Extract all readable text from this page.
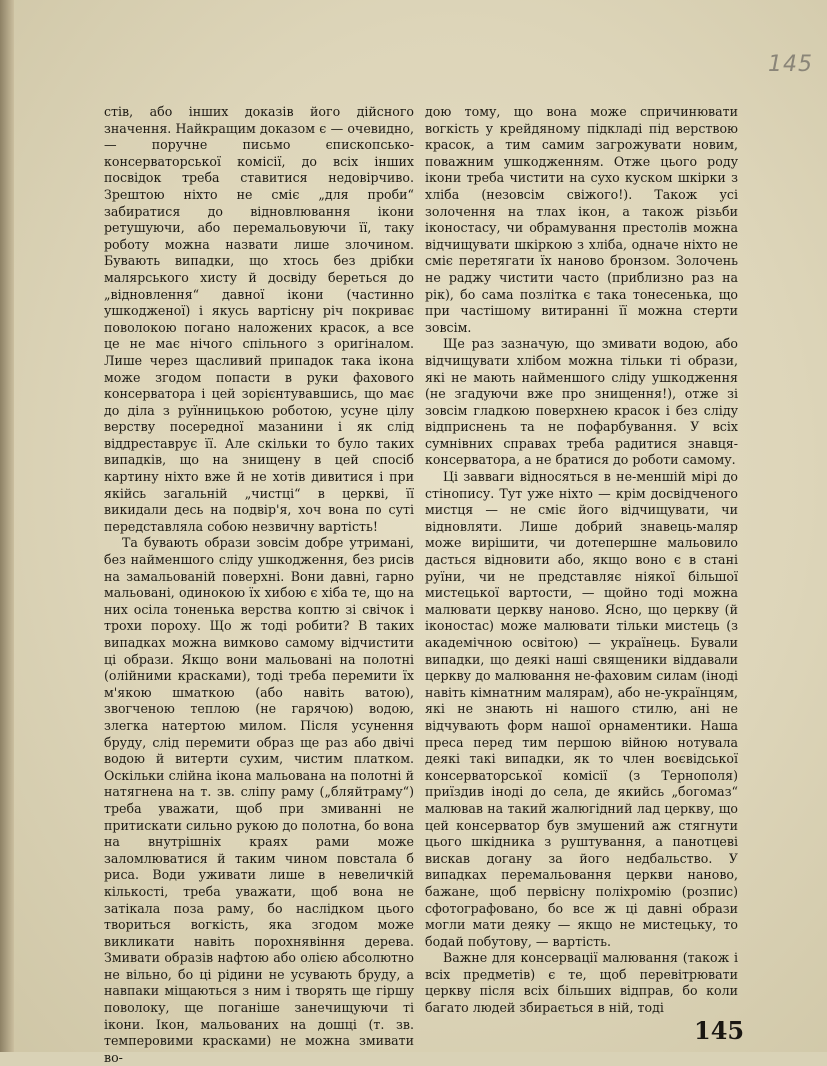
145

стів, або інших доказів його дійсного значення. Найкращим доказом є — очевидно, — поручне письмо єпископсько-консерваторської комісії, до всіх інших посвідок треба ставитися недовірчиво. Зрештою ніхто не сміє „для проби“ забиратися до відновлювання ікони ретушуючи, або перемальовуючи її, таку роботу можна назвати лише злочином. Бувають випадки, що хтось без дрібки малярського хисту й досвіду береться до „відновлення“ давної ікони (частинно ушкодженої) і якусь вартісну річ покриває поволокою погано наложених красок, а все це не має нічого спільного з оригіналом. Лише через щасливий припадок така ікона може згодом попасти в руки фахового консерватора і цей зорієнтувавшись, що має до діла з руїнницькою роботою, усуне цілу верству посередної мазанини і як слід віддреставрує її. Але скільки то було таких випадків, що на знищену в цей спосіб картину ніхто вже й не хотів дивитися і при якійсь загальній „чистці“ в церкві, її викидали десь на подвір'я, хоч вона по суті передставляла собою незвичну вартість!

Та бувають образи зовсім добре утримані, без найменшого сліду ушкодження, без рисів на замальованій поверхні. Вони давні, гарно мальовані, одинокою їх хибою є хіба те, що на них осіла тоненька верства коптю зі свічок і трохи пороху. Що ж тоді робити? В таких випадках можна вимково самому відчистити ці образи. Якщо вони мальовані на полотні (олійними красками), тоді треба перемити їх м'якою шматкою (або навіть ватою), звогченою теплою (не гарячою) водою, злегка натертою милом. Після усунення бруду, слід перемити образ ще раз або двічі водою й витерти сухим, чистим платком. Оскільки слійна ікона мальована на полотні й натягнена на т. зв. сліпу раму („бляйтраму“) треба уважати, щоб при змиванні не притискати сильно рукою до полотна, бо вона на внутрішніх краях рами може заломлюватися й таким чином повстала б риса. Води уживати лише в невеличкій кількості, треба уважати, щоб вона не затікала поза раму, бо наслідком цього твориться вогкість, яка згодом може викликати навіть порохнявіння дерева. Змивати образів нафтою або олією абсолютно не вільно, бо ці рідини не усувають бруду, а навпаки міщаються з ним і творять ще гіршу поволоку, ще поганіше занечищуючи ті ікони. Ікон, мальованих на дошці (т. зв. темперовими красками) не можна змивати во-

дою тому, що вона може спричинювати вогкість у крейдяному підкладі під верствою красок, а тим самим загрожувати новим, поважним ушкодженням. Отже цього роду ікони треба чистити на сухо куском шкірки з хліба (незовсім свіжого!). Також усі золочення на тлах ікон, а також різьби іконостасу, чи обрамування престолів можна відчищувати шкіркою з хліба, одначе ніхто не сміє перетягати їх наново бронзом. Золочень не раджу чистити часто (приблизно раз на рік), бо сама позлітка є така тонесенька, що при частішому витиранні її можна стерти зовсім.

Ще раз зазначую, що змивати водою, або відчищувати хлібом можна тільки ті образи, які не мають найменшого сліду ушкодження (не згадуючи вже про знищення!), отже зі зовсім гладкою поверхнею красок і без сліду відприснень та не пофарбування. У всіх сумнівних справах треба радитися знавця-консерватора, а не братися до роботи самому.

Ці завваги відносяться в не-меншій мірі до стінопису. Тут уже ніхто — крім досвідченого мистця — не сміє його відчищувати, чи відновляти. Лише добрий знавець-маляр може вирішити, чи дотепершне мальовило дасться відновити або, якщо воно є в стані руїни, чи не представляє ніякої більшої мистецької вартости, — щойно тоді можна малювати церкву наново. Ясно, що церкву (й іконостас) може малювати тільки мистець (з академічною освітою) — українець. Бували випадки, що деякі наші священики віддавали церкву до малювання не-фаховим силам (іноді навіть кімнатним малярам), або не-українцям, які не знають ні нашого стилю, ані не відчувають форм нашої орнаментики. Наша преса перед тим першою війною нотувала деякі такі випадки, як то член воєвідської консерваторської комісії (з Тернополя) приїздив іноді до села, де якийсь „богомаз“ малював на такий жалюгідний лад церкву, що цей консерватор був змушений аж стягнути цього шкідника з руштування, а панотцеві вискав догану за його недбальство. У випадках перемальовання церкви наново, бажане, щоб первісну поліхромію (розпис) сфотографовано, бо все ж ці давні образи могли мати деяку — якщо не мистецьку, то бодай побутову, — вартість.

Важне для консервації малювання (також і всіх предметів) є те, щоб перевітрювати церкву після всіх більших відправ, бо коли багато людей збирається в ній, тоді

145
